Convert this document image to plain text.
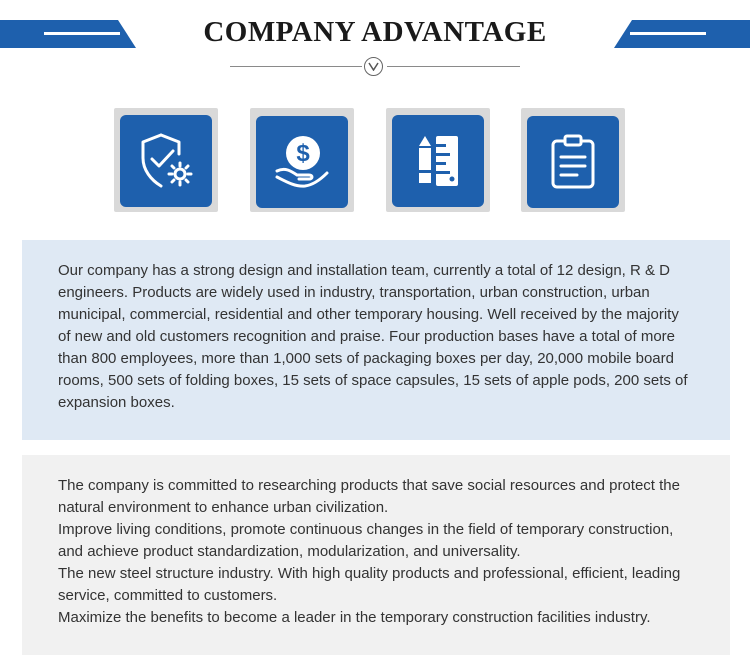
COMPANY ADVANTAGE
$

Our company has a strong design and installation team, currently a total of 12 design, R & D engineers. Products are widely used in industry, transportation, urban construction, urban municipal, commercial, residential and other temporary housing. Well received by the majority of new and old customers recognition and praise. Four production bases have a total of more than 800 employees, more than 1,000 sets of packaging boxes per day, 20,000 mobile board rooms, 500 sets of folding boxes, 15 sets of space capsules, 15 sets of apple pods, 200 sets of expansion boxes.

The company is committed to researching products that save social resources and protect the natural environment to enhance urban civilization.

Improve living conditions, promote continuous changes in the field of temporary construction, and achieve product standardization, modularization, and universality.

The new steel structure industry. With high quality products and professional, efficient, leading service, committed to customers.

Maximize the benefits to become a leader in the temporary construction facilities industry.
